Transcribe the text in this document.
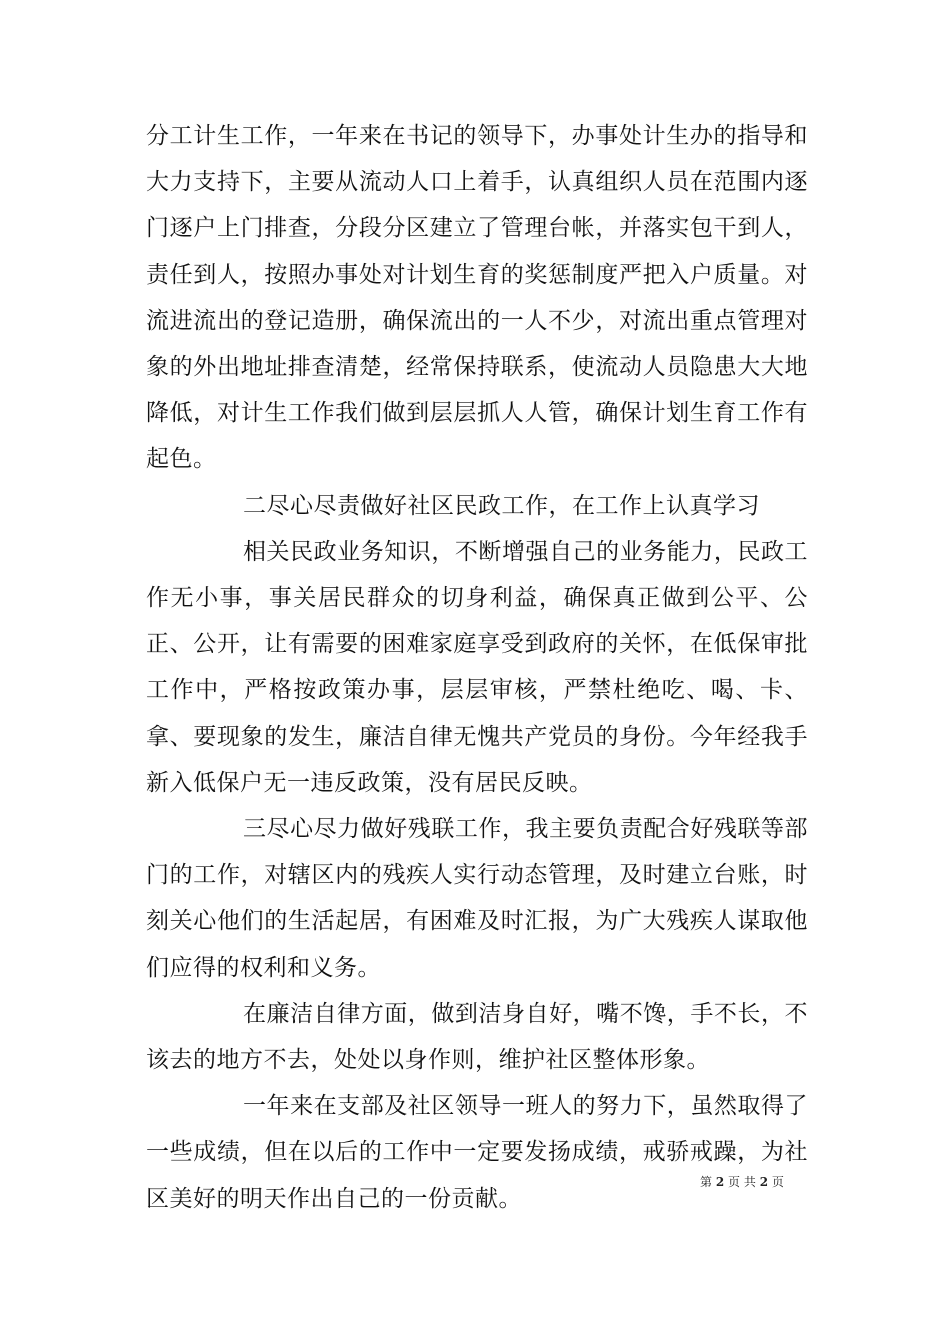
分工计生工作，一年来在书记的领导下，办事处计生办的指导和大力支持下，主要从流动人口上着手，认真组织人员在范围内逐门逐户上门排查，分段分区建立了管理台帐，并落实包干到人，责任到人，按照办事处对计划生育的奖惩制度严把入户质量。对流进流出的登记造册，确保流出的一人不少，对流出重点管理对象的外出地址排查清楚，经常保持联系，使流动人员隐患大大地降低，对计生工作我们做到层层抓人人管，确保计划生育工作有起色。

二尽心尽责做好社区民政工作，在工作上认真学习

相关民政业务知识，不断增强自己的业务能力，民政工作无小事，事关居民群众的切身利益，确保真正做到公平、公正、公开，让有需要的困难家庭享受到政府的关怀，在低保审批工作中，严格按政策办事，层层审核，严禁杜绝吃、喝、卡、拿、要现象的发生，廉洁自律无愧共产党员的身份。今年经我手新入低保户无一违反政策，没有居民反映。

三尽心尽力做好残联工作，我主要负责配合好残联等部门的工作，对辖区内的残疾人实行动态管理，及时建立台账，时刻关心他们的生活起居，有困难及时汇报，为广大残疾人谋取他们应得的权利和义务。

在廉洁自律方面，做到洁身自好，嘴不馋，手不长，不该去的地方不去，处处以身作则，维护社区整体形象。

一年来在支部及社区领导一班人的努力下，虽然取得了一些成绩，但在以后的工作中一定要发扬成绩，戒骄戒躁，为社区美好的明天作出自己的一份贡献。

第 2 页 共 2 页
